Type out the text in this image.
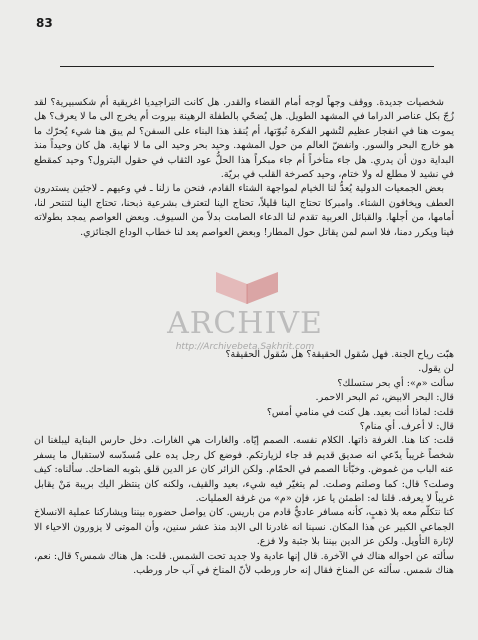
83

شخصيات جديدة. ووقف وجهاً لوجه أمام القضاء والقدر. هل كانت التراجيديا اغريقية أم شكسبيرية؟ لقد زُجّ بكل عناصر الدراما في المشهد الطويل. هل يُضحّي بالطفلة الرهينة بيروت أم يخرج الى ما لا يعرف؟ هل يموت هنا في انفجار عظيم لتُشهر الفكرة نُبوّتها، أم يُنقذ هذا البناء على السفن؟ لم يبق هنا شيء يُحرّك ما هو خارج البحر والسور. وانفضّ العالم من حول المشهد. وحيد بحر وحيد الى ما لا نهاية. هل كان وحيداً منذ البداية دون أن يدري. هل جاء متأخراً أم جاء مبكراً هذا الحلُّ عود الثقاب في حقول البترول؟ وحيد كمقطع في نشيد لا مطلع له ولا ختام، وحيد كصرخة القلب في بريّة.

بعض الجمعيات الدولية يُعدُّ لنا الخيام لمواجهة الشتاء القادم، فنحن ما زلنا ـ في وعيهم ـ لاجئين يستدرون العطف ويخافون الشتاء. وامبركا تحتاج الينا قليلاً، تحتاج الينا لتعترف بشرعية ذبحنا، تحتاج الينا لتنتحر لنا، أمامها، من أجلها. والقبائل العربية تقدم لنا الدعاء الصامت بدلاً من السيوف. وبعض العواصم يمجد بطولاته فينا ويكرر دمنا، فلا اسم لمن يقاتل حول المطار! وبعض العواصم يعد لنا خطاب الوداع الجنائزي.

ARCHIVE
http://Archivebeta.Sakhrit.com

هبّت رياح الجنة. فهل سُقول الحقيقة؟ هل سُقول الحقيقة؟

لن يقول.

سألت «م»: أي بحر ستسلك؟

قال: البحر الابيض، ثم البحر الاحمر.

قلت: لماذا أنت بعيد. هل كنت في منامي أمس؟

قال: لا أعرف. أي منام؟

قلت: كنا هنا. الغرفة ذاتها. الكلام نفسه. الصمم إيّاه. والغارات هي الغارات. دخل حارس البناية ليبلغنا ان شخصاً غريباً يدّعي انه صديق قديم قد جاء لزيارتكم. فوضع كل رجل يده على مُسدّسه لاستقبال ما يسفر عنه الباب من غموض. وخبّأنا الصمم في الحمّام. ولكن الزائر كان عز الدين قلق بثوبه الضاحك. سألناه: كيف وصلت؟ قال: كما وصلتم وصلت. لم يتغيّر فيه شيء، بعيد والقيف، ولكنه كان ينتظر اليك بريبة مَنْ يقابل غريباً لا يعرفه. قلنا له: اطمئن يا عز، فإن «م» من غرفة العمليات.

كنا نتكلّم معه بلا ذهبٍ، كأنه مسافر عاديٌّ قادم من باريس. كان يواصل حضوره بيننا ويشاركنا عملية الانسلاخ الجماعي الكبير عن هذا المكان. نسينا انه غادرنا الى الابد منذ عشر سنين، وأن الموتى لا يزورون الاحياء الا لإثارة التأويل. ولكن عز الدين بيننا بلا جثبة ولا فزع.

سألته عن احواله هناك في الآخرة. قال إنها عادية ولا جديد تحت الشمس. قلت: هل هناك شمس؟ قال: نعم، هناك شمس. سألته عن المناخ فقال إنه حار ورطب لأنّ المناخ في آب حار ورطب.
